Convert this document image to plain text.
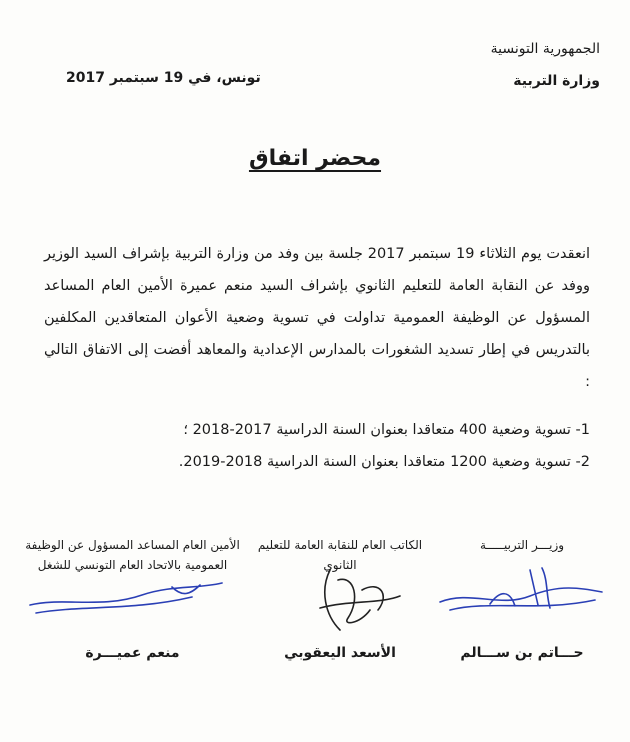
الجمهورية التونسية
وزارة التربية
تونس، في 19 سبتمبر 2017
محضر اتفاق
انعقدت يوم الثلاثاء 19 سبتمبر 2017 جلسة بين وفد من وزارة التربية بإشراف السيد الوزير ووفد عن النقابة العامة للتعليم الثانوي بإشراف السيد منعم عميرة الأمين العام المساعد المسؤول عن الوظيفة العمومية تداولت في تسوية وضعية الأعوان المتعاقدين المكلفين بالتدريس في إطار تسديد الشغورات بالمدارس الإعدادية والمعاهد أفضت إلى الاتفاق التالي :
1- تسوية وضعية 400 متعاقدا بعنوان السنة الدراسية 2017-2018 ؛
2- تسوية وضعية 1200 متعاقدا بعنوان السنة الدراسية 2018-2019.
وزيـــر التربيـــــة
حـــاتم بن ســـالم
الكاتب العام للنقابة العامة للتعليم الثانوي
الأسعد اليعقوبي
الأمين العام المساعد المسؤول عن الوظيفة العمومية بالاتحاد العام التونسي للشغل
منعم عميـــرة
